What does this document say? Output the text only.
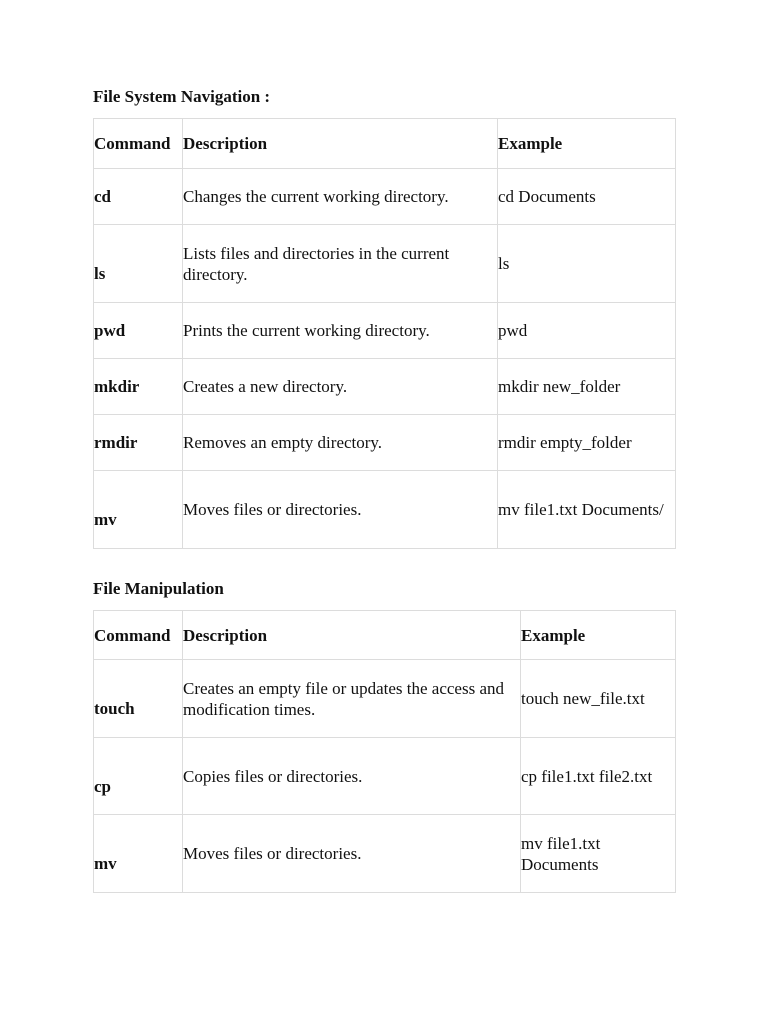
File System Navigation :
Command	Description	Example

cd	Changes the current working directory.	cd Documents

ls	Lists files and directories in the current directory.	ls

pwd	Prints the current working directory.	pwd

mkdir	Creates a new directory.	mkdir new_folder

rmdir	Removes an empty directory.	rmdir empty_folder

mv	Moves files or directories.	mv file1.txt Documents/
File Manipulation
Command	Description	Example

touch	Creates an empty file or updates the access and modification times.	touch new_file.txt

cp	Copies files or directories.	cp file1.txt file2.txt

mv	Moves files or directories.	mv file1.txt Documents
